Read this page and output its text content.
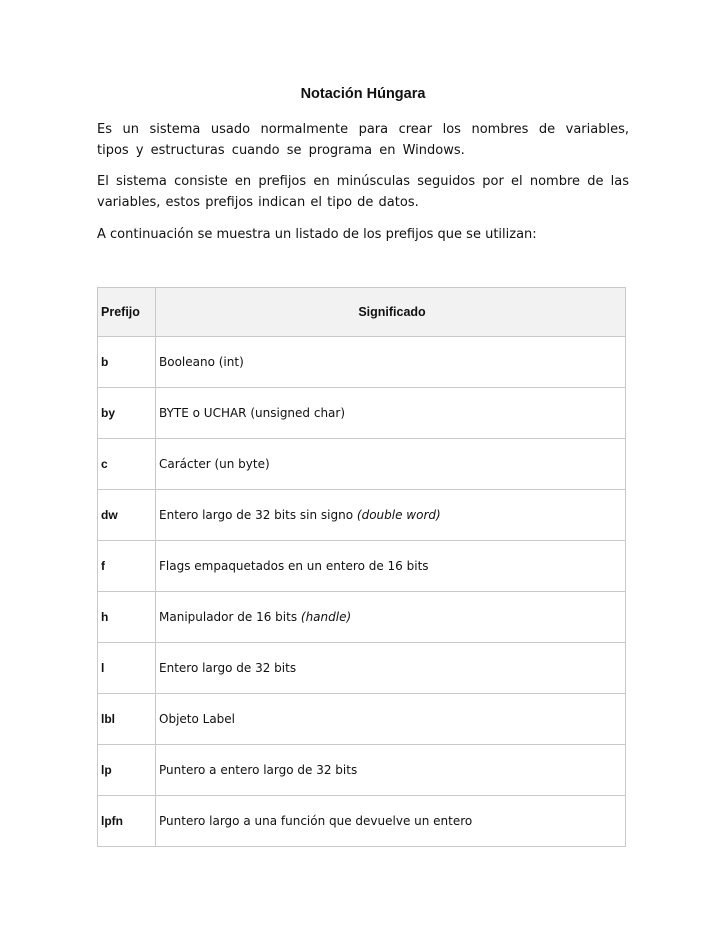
Notación Húngara

Es un sistema usado normalmente para crear los nombres de variables, tipos y estructuras cuando se programa en Windows.

El sistema consiste en prefijos en minúsculas seguidos por el nombre de las variables, estos prefijos indican el tipo de datos.

A continuación se muestra un listado de los prefijos que se utilizan:

Prefijo	Significado
b	Booleano (int)
by	BYTE o UCHAR (unsigned char)
c	Carácter (un byte)
dw	Entero largo de 32 bits sin signo (double word)
f	Flags empaquetados en un entero de 16 bits
h	Manipulador de 16 bits (handle)
l	Entero largo de 32 bits
lbl	Objeto Label
lp	Puntero a entero largo de 32 bits
lpfn	Puntero largo a una función que devuelve un entero
